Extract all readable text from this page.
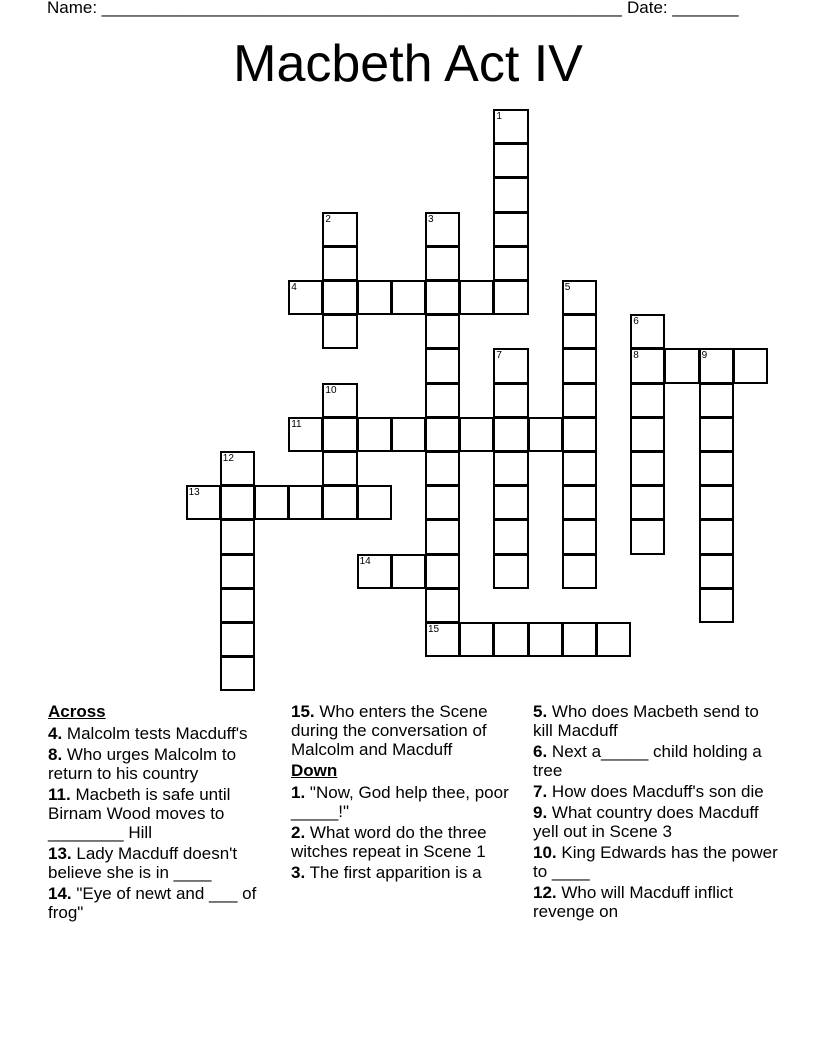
Name: _______________________________________________________ Date: _______
Macbeth Act IV
4
8	9
11
13
14
15
1
2	3
5
6
7
10
12
Across
4. Malcolm tests Macduff's
8. Who urges Malcolm to return to his country
11. Macbeth is safe until Birnam Wood moves to ________ Hill
13. Lady Macduff doesn't believe she is in ____
14. "Eye of newt and ___ of frog"
15. Who enters the Scene during the conversation of Malcolm and Macduff
Down
1. "Now, God help thee, poor _____!"
2. What word do the three witches repeat in Scene 1
3. The first apparition is a
5. Who does Macbeth send to kill Macduff
6. Next a_____ child holding a tree
7. How does Macduff's son die
9. What country does Macduff yell out in Scene 3
10. King Edwards has the power to ____
12. Who will Macduff inflict revenge on
